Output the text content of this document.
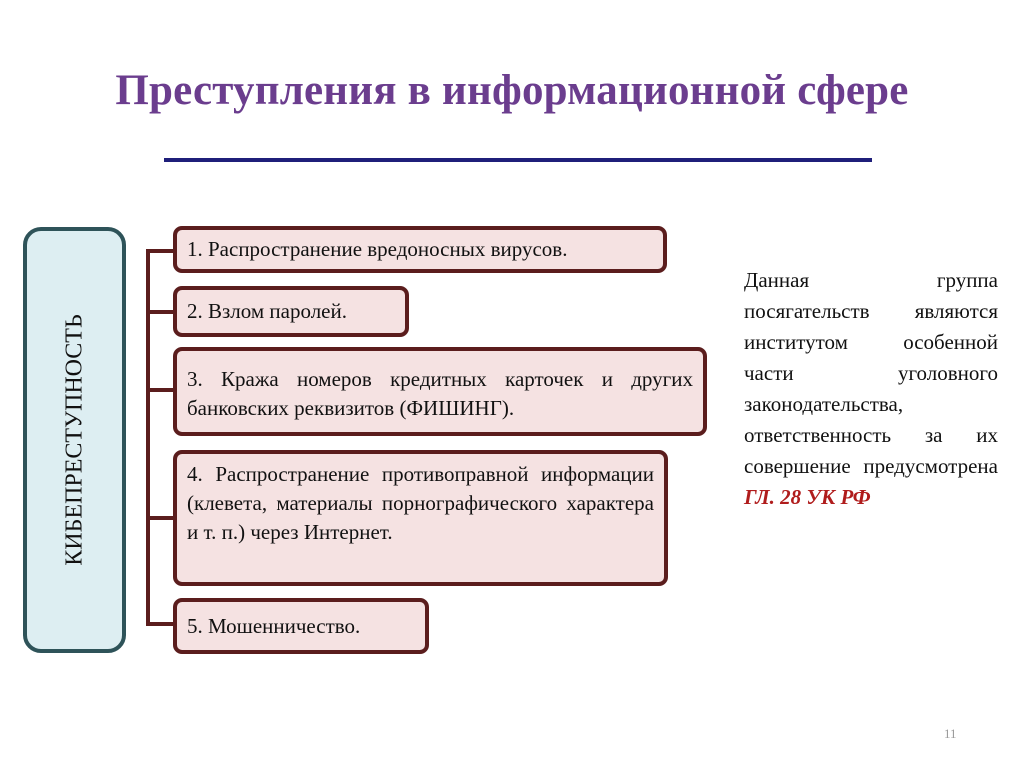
Преступления в информационной сфере
КИБЕПРЕСТУПНОСТЬ
1. Распространение вредоносных вирусов.
2. Взлом паролей.
3. Кража номеров кредитных карточек и других банковских реквизитов (ФИШИНГ).
4. Распространение противоправной информации (клевета, материалы порнографического характера и т. п.) через Интернет.
5. Мошенничество.
Данная группа посягательств являются институтом особенной части уголовного законодательства, ответственность за их совершение предусмотрена ГЛ. 28 УК РФ
11
